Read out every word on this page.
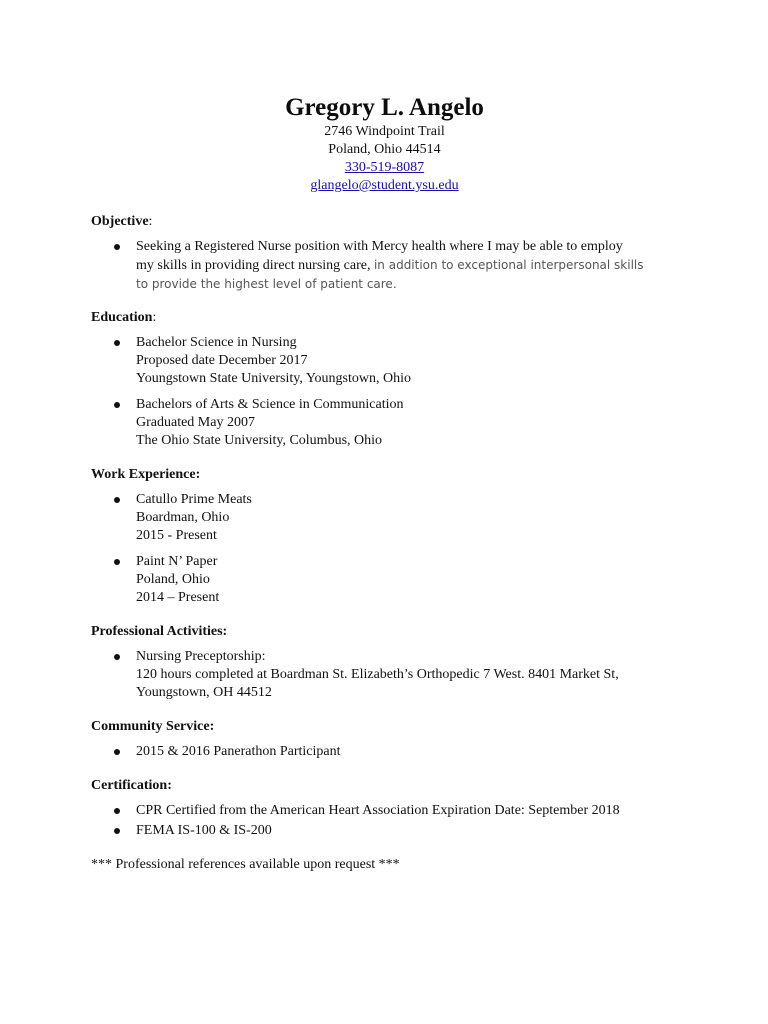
Gregory L. Angelo
2746 Windpoint Trail
Poland, Ohio 44514
330-519-8087
glangelo@student.ysu.edu
Objective:
Seeking a Registered Nurse position with Mercy health where I may be able to employ
my skills in providing direct nursing care, in addition to exceptional interpersonal skills
to provide the highest level of patient care.
Education:
Bachelor Science in Nursing
Proposed date December 2017
Youngstown State University, Youngstown, Ohio
Bachelors of Arts & Science in Communication
Graduated May 2007
The Ohio State University, Columbus, Ohio
Work Experience:
Catullo Prime Meats
Boardman, Ohio
2015 - Present
Paint N’ Paper
Poland, Ohio
2014 – Present
Professional Activities:
Nursing Preceptorship:
120 hours completed at Boardman St. Elizabeth’s Orthopedic 7 West. 8401 Market St,
Youngstown, OH 44512
Community Service:
2015 & 2016 Panerathon Participant
Certification:
CPR Certified from the American Heart Association Expiration Date: September 2018
FEMA IS-100 & IS-200
*** Professional references available upon request ***
